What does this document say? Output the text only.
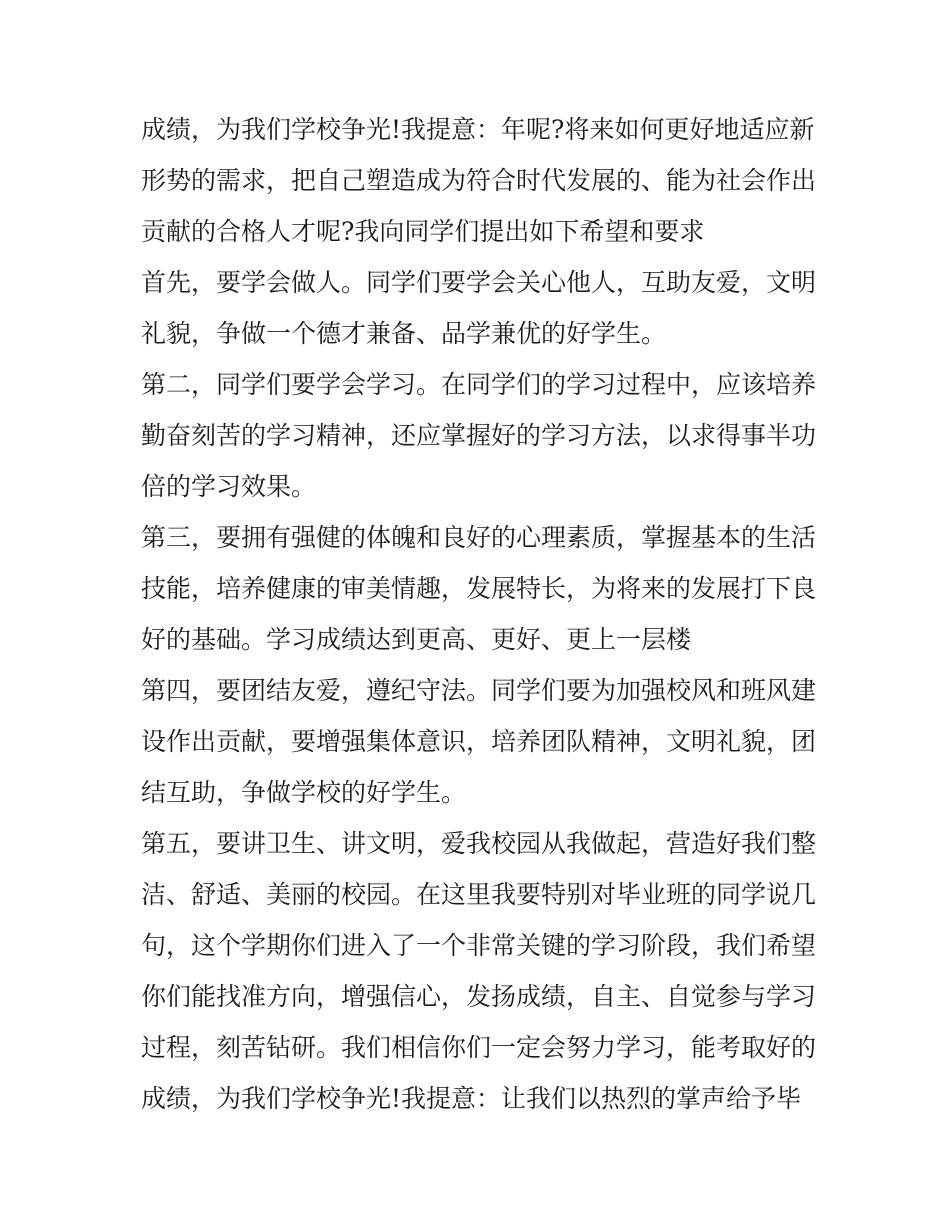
成绩，为我们学校争光!我提意：年呢?将来如何更好地适应新
形势的需求，把自己塑造成为符合时代发展的、能为社会作出
贡献的合格人才呢?我向同学们提出如下希望和要求
首先，要学会做人。同学们要学会关心他人，互助友爱，文明
礼貌，争做一个德才兼备、品学兼优的好学生。
第二，同学们要学会学习。在同学们的学习过程中，应该培养
勤奋刻苦的学习精神，还应掌握好的学习方法，以求得事半功
倍的学习效果。
第三，要拥有强健的体魄和良好的心理素质，掌握基本的生活
技能，培养健康的审美情趣，发展特长，为将来的发展打下良
好的基础。学习成绩达到更高、更好、更上一层楼
第四，要团结友爱，遵纪守法。同学们要为加强校风和班风建
设作出贡献，要增强集体意识，培养团队精神，文明礼貌，团
结互助，争做学校的好学生。
第五，要讲卫生、讲文明，爱我校园从我做起，营造好我们整
洁、舒适、美丽的校园。在这里我要特别对毕业班的同学说几
句，这个学期你们进入了一个非常关键的学习阶段，我们希望
你们能找准方向，增强信心，发扬成绩，自主、自觉参与学习
过程，刻苦钻研。我们相信你们一定会努力学习，能考取好的
成绩，为我们学校争光!我提意：让我们以热烈的掌声给予毕
